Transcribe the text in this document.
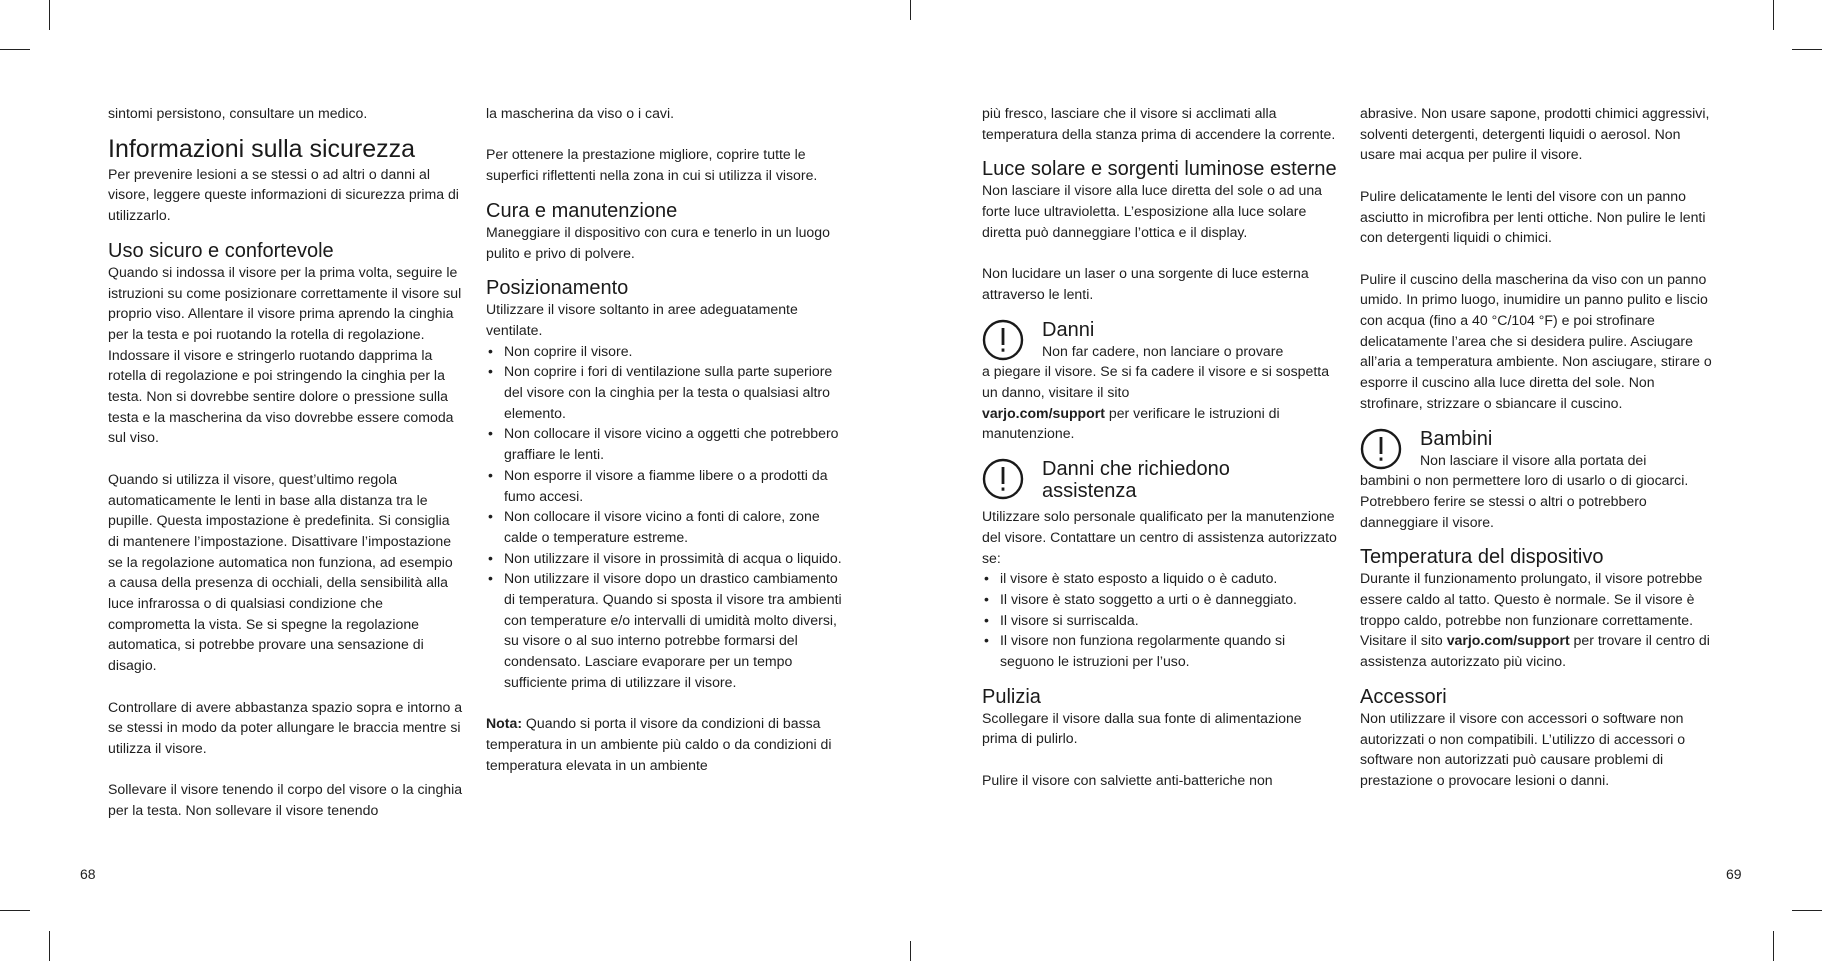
sintomi persistono, consultare un medico.

Informazioni sulla sicurezza

Per prevenire lesioni a se stessi o ad altri o danni al visore, leggere queste informazioni di sicurezza prima di utilizzarlo.

Uso sicuro e confortevole

Quando si indossa il visore per la prima volta, seguire le istruzioni su come posizionare correttamente il visore sul proprio viso. Allentare il visore prima aprendo la cinghia per la testa e poi ruotando la rotella di regolazione. Indossare il visore e stringerlo ruotando dapprima la rotella di regolazione e poi stringendo la cinghia per la testa. Non si dovrebbe sentire dolore o pressione sulla testa e la mascherina da viso dovrebbe essere comoda sul viso.

Quando si utilizza il visore, quest’ultimo regola automaticamente le lenti in base alla distanza tra le pupille. Questa impostazione è predefinita. Si consiglia di mantenere l’impostazione. Disattivare l’impostazione se la regolazione automatica non funziona, ad esempio a causa della presenza di occhiali, della sensibilità alla luce infrarossa o di qualsiasi condizione che comprometta la vista. Se si spegne la regolazione automatica, si potrebbe provare una sensazione di disagio.

Controllare di avere abbastanza spazio sopra e intorno a se stessi in modo da poter allungare le braccia mentre si utilizza il visore.

Sollevare il visore tenendo il corpo del visore o la cinghia per la testa. Non sollevare il visore tenendo

la mascherina da viso o i cavi.

Per ottenere la prestazione migliore, coprire tutte le superfici riflettenti nella zona in cui si utilizza il visore.

Cura e manutenzione

Maneggiare il dispositivo con cura e tenerlo in un luogo pulito e privo di polvere.

Posizionamento

Utilizzare il visore soltanto in aree adeguatamente ventilate.

• Non coprire il visore.
• Non coprire i fori di ventilazione sulla parte superiore del visore con la cinghia per la testa o qualsiasi altro elemento.
• Non collocare il visore vicino a oggetti che potrebbero graffiare le lenti.
• Non esporre il visore a fiamme libere o a prodotti da fumo accesi.
• Non collocare il visore vicino a fonti di calore, zone calde o temperature estreme.
• Non utilizzare il visore in prossimità di acqua o liquido.
• Non utilizzare il visore dopo un drastico cambiamento di temperatura. Quando si sposta il visore tra ambienti con temperature e/o intervalli di umidità molto diversi, su visore o al suo interno potrebbe formarsi del condensato. Lasciare evaporare per un tempo sufficiente prima di utilizzare il visore.

Nota: Quando si porta il visore da condizioni di bassa temperatura in un ambiente più caldo o da condizioni di temperatura elevata in un ambiente

più fresco, lasciare che il visore si acclimati alla temperatura della stanza prima di accendere la corrente.

Luce solare e sorgenti luminose esterne

Non lasciare il visore alla luce diretta del sole o ad una forte luce ultravioletta. L’esposizione alla luce solare diretta può danneggiare l’ottica e il display.

Non lucidare un laser o una sorgente di luce esterna attraverso le lenti.

Danni

Non far cadere, non lanciare o provare

a piegare il visore. Se si fa cadere il visore e si sospetta un danno, visitare il sito
varjo.com/support per verificare le istruzioni di manutenzione.

Danni che richiedono assistenza

Utilizzare solo personale qualificato per la manutenzione del visore. Contattare un centro di assistenza autorizzato se:

• il visore è stato esposto a liquido o è caduto.
• Il visore è stato soggetto a urti o è danneggiato.
• Il visore si surriscalda.
• Il visore non funziona regolarmente quando si seguono le istruzioni per l’uso.
Pulizia

Scollegare il visore dalla sua fonte di alimentazione prima di pulirlo.

Pulire il visore con salviette anti-batteriche non

abrasive. Non usare sapone, prodotti chimici aggressivi, solventi detergenti, detergenti liquidi o aerosol. Non usare mai acqua per pulire il visore.

Pulire delicatamente le lenti del visore con un panno asciutto in microfibra per lenti ottiche. Non pulire le lenti con detergenti liquidi o chimici.

Pulire il cuscino della mascherina da viso con un panno umido. In primo luogo, inumidire un panno pulito e liscio con acqua (fino a 40 °C/104 °F) e poi strofinare delicatamente l’area che si desidera pulire. Asciugare all’aria a temperatura ambiente. Non asciugare, stirare o esporre il cuscino alla luce diretta del sole. Non strofinare, strizzare o sbiancare il cuscino.

Bambini

Non lasciare il visore alla portata dei

bambini o non permettere loro di usarlo o di giocarci. Potrebbero ferire se stessi o altri o potrebbero danneggiare il visore.

Temperatura del dispositivo

Durante il funzionamento prolungato, il visore potrebbe essere caldo al tatto. Questo è normale. Se il visore è troppo caldo, potrebbe non funzionare correttamente. Visitare il sito varjo.com/support per trovare il centro di assistenza autorizzato più vicino.

Accessori

Non utilizzare il visore con accessori o software non autorizzati o non compatibili. L’utilizzo di accessori o software non autorizzati può causare problemi di prestazione o provocare lesioni o danni.

68	69
